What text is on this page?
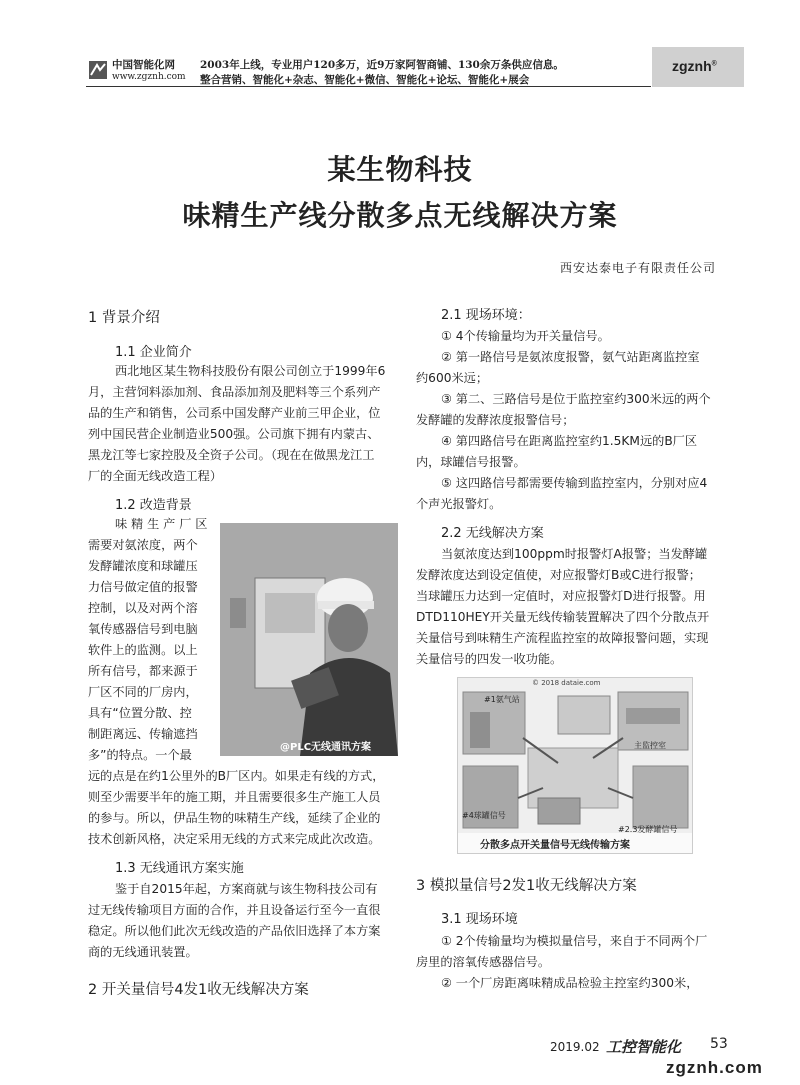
中国智能化网
www.zgznh.com
2003年上线，专业用户120多万，近9万家阿智商铺、130余万条供应信息。
整合营销、智能化+杂志、智能化+微信、智能化+论坛、智能化+展会
zgznh®
某生物科技
味精生产线分散多点无线解决方案
西安达泰电子有限责任公司
1 背景介绍
1.1 企业简介
西北地区某生物科技股份有限公司创立于1999年6
月，主营饲料添加剂、食品添加剂及肥料等三个系列产
品的生产和销售，公司系中国发酵产业前三甲企业，位
列中国民营企业制造业500强。公司旗下拥有内蒙古、
黑龙江等七家控股及全资子公司。（现在在做黑龙江工
厂的全面无线改造工程）
1.2 改造背景
味 精 生 产 厂 区
需要对氨浓度，两个
发酵罐浓度和球罐压
力信号做定值的报警
控制，以及对两个溶
氧传感器信号到电脑
软件上的监测。以上
所有信号，都来源于
厂区不同的厂房内，
具有“位置分散、控
制距离远、传输遮挡
多”的特点。一个最
远的点是在约1公里外的B厂区内。如果走有线的方式，
则至少需要半年的施工期，并且需要很多生产施工人员
的参与。所以，伊品生物的味精生产线，延续了企业的
技术创新风格，决定采用无线的方式来完成此次改造。
@PLC无线通讯方案
1.3 无线通讯方案实施
鉴于自2015年起，方案商就与该生物科技公司有
过无线传输项目方面的合作，并且设备运行至今一直很
稳定。所以他们此次无线改造的产品依旧选择了本方案
商的无线通讯装置。
2 开关量信号4发1收无线解决方案
2.1 现场环境：
① 4个传输量均为开关量信号。
② 第一路信号是氨浓度报警，氨气站距离监控室
约600米远；
③ 第二、三路信号是位于监控室约300米远的两个
发酵罐的发酵浓度报警信号；
④ 第四路信号在距离监控室约1.5KM远的B厂区
内，球罐信号报警。
⑤ 这四路信号都需要传输到监控室内，分别对应4
个声光报警灯。
2.2 无线解决方案
当氨浓度达到100ppm时报警灯A报警；当发酵罐
发酵浓度达到设定值使，对应报警灯B或C进行报警；
当球罐压力达到一定值时，对应报警灯D进行报警。用
DTD110HEY开关量无线传输装置解决了四个分散点开
关量信号到味精生产流程监控室的故障报警问题，实现
关量信号的四发一收功能。
© 2018 dataie.com
#1氨气站
主监控室
#4球罐信号
#2.3发酵罐信号
分散多点开关量信号无线传输方案
3 模拟量信号2发1收无线解决方案
3.1 现场环境
① 2个传输量均为模拟量信号，来自于不同两个厂
房里的溶氧传感器信号。
② 一个厂房距离味精成品检验主控室约300米，
2019.02 工控智能化 53
zgznh.com
